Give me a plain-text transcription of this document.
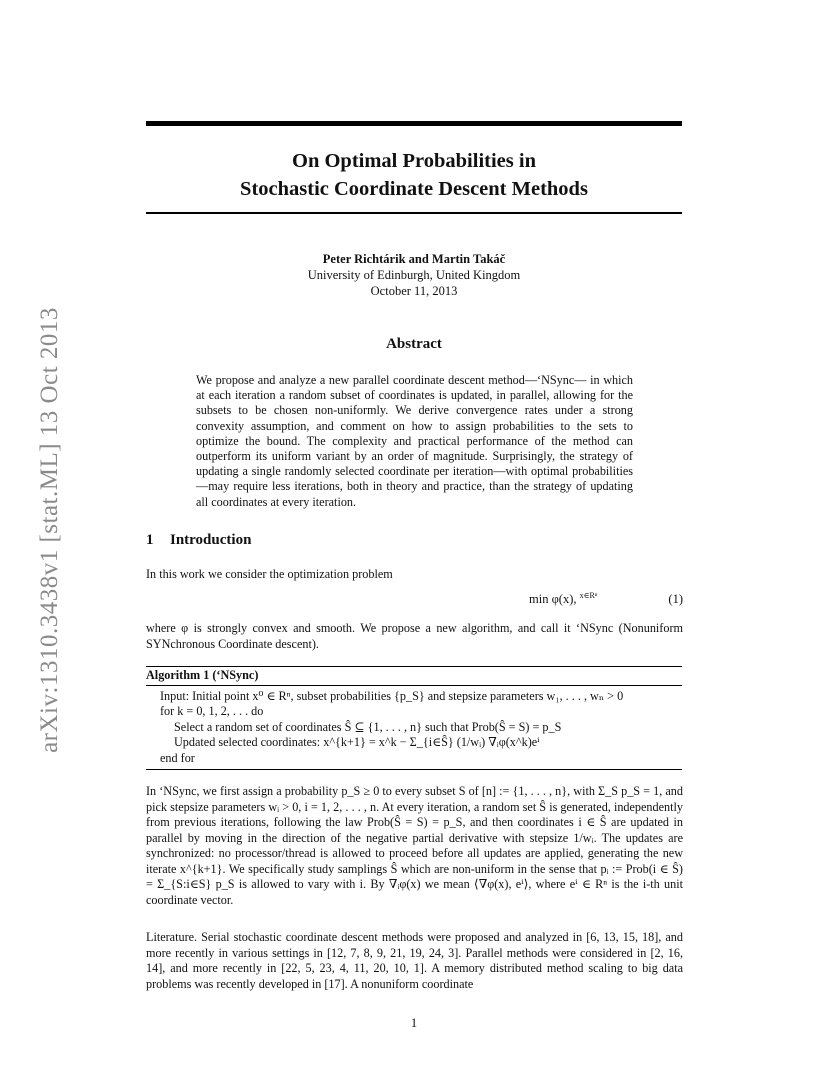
arXiv:1310.3438v1 [stat.ML] 13 Oct 2013
On Optimal Probabilities in
Stochastic Coordinate Descent Methods
Peter Richtárik and Martin Takáč
University of Edinburgh, United Kingdom
October 11, 2013
Abstract
We propose and analyze a new parallel coordinate descent method—‘NSync— in which at each iteration a random subset of coordinates is updated, in parallel, allowing for the subsets to be chosen non-uniformly. We derive convergence rates under a strong convexity assumption, and comment on how to assign probabilities to the sets to optimize the bound. The complexity and practical performance of the method can outperform its uniform variant by an order of magnitude. Surprisingly, the strategy of updating a single randomly selected coordinate per iteration—with optimal probabilities—may require less iterations, both in theory and practice, than the strategy of updating all coordinates at every iteration.
1 Introduction
In this work we consider the optimization problem
min φ(x), x∈Rⁿ	(1)
where φ is strongly convex and smooth. We propose a new algorithm, and call it ‘NSync (Nonuniform SYNchronous Coordinate descent).
Algorithm 1 (‘NSync)
Input: Initial point x⁰ ∈ Rⁿ, subset probabilities {p_S} and stepsize parameters w₁, . . . , wₙ > 0
for k = 0, 1, 2, . . . do
Select a random set of coordinates Ŝ ⊆ {1, . . . , n} such that Prob(Ŝ = S) = p_S
Updated selected coordinates: x^{k+1} = x^k − Σ_{i∈Ŝ} (1/wᵢ) ∇ᵢφ(x^k)eⁱ
end for
In ‘NSync, we first assign a probability p_S ≥ 0 to every subset S of [n] := {1, . . . , n}, with Σ_S p_S = 1, and pick stepsize parameters wᵢ > 0, i = 1, 2, . . . , n. At every iteration, a random set Ŝ is generated, independently from previous iterations, following the law Prob(Ŝ = S) = p_S, and then coordinates i ∈ Ŝ are updated in parallel by moving in the direction of the negative partial derivative with stepsize 1/wᵢ. The updates are synchronized: no processor/thread is allowed to proceed before all updates are applied, generating the new iterate x^{k+1}. We specifically study samplings Ŝ which are non-uniform in the sense that pᵢ := Prob(i ∈ Ŝ) = Σ_{S:i∈S} p_S is allowed to vary with i. By ∇ᵢφ(x) we mean ⟨∇φ(x), eⁱ⟩, where eⁱ ∈ Rⁿ is the i-th unit coordinate vector.
Literature. Serial stochastic coordinate descent methods were proposed and analyzed in [6, 13, 15, 18], and more recently in various settings in [12, 7, 8, 9, 21, 19, 24, 3]. Parallel methods were considered in [2, 16, 14], and more recently in [22, 5, 23, 4, 11, 20, 10, 1]. A memory distributed method scaling to big data problems was recently developed in [17]. A nonuniform coordinate
1
